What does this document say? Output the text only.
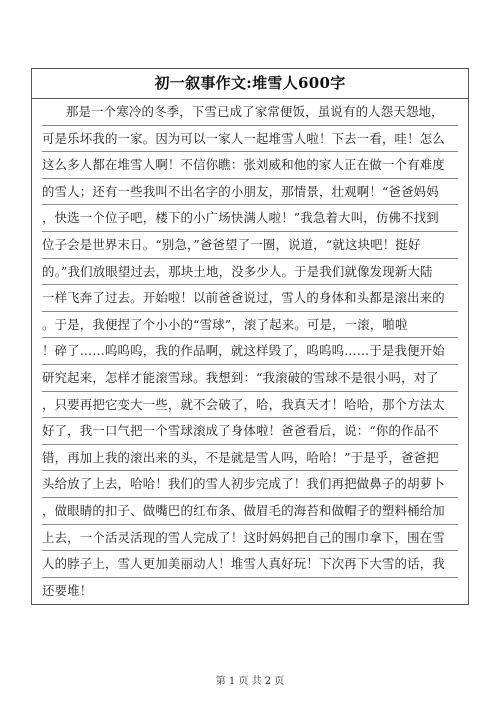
初一叙事作文:堆雪人600字
那是一个寒冷的冬季，下雪已成了家常便饭，虽说有的人怨天怨地，
可是乐坏我的一家。因为可以一家人一起堆雪人啦！下去一看，哇！怎么
这么多人都在堆雪人啊！不信你瞧：张刘威和他的家人正在做一个有难度
的雪人；还有一些我叫不出名字的小朋友，那情景，壮观啊！“爸爸妈妈
，快选一个位子吧，楼下的小广场快满人啦！”我急着大叫，仿佛不找到
位子会是世界末日。“别急，”爸爸望了一圈，说道，“就这块吧！挺好
的。”我们放眼望过去，那块土地，没多少人。于是我们就像发现新大陆
一样飞奔了过去。开始啦！以前爸爸说过，雪人的身体和头都是滚出来的
。于是，我便捏了个小小的“雪球”，滚了起来。可是，一滚，啪啦
！碎了……呜呜呜，我的作品啊，就这样毁了，呜呜呜……于是我便开始
研究起来，怎样才能滚雪球。我想到：“我滚破的雪球不是很小吗，对了
，只要再把它变大一些，就不会破了，哈，我真天才！哈哈，那个方法太
好了，我一口气把一个雪球滚成了身体啦！爸爸看后，说：“你的作品不
错，再加上我的滚出来的头，不是就是雪人吗，哈哈！”于是乎，爸爸把
头给放了上去，哈哈！我们的雪人初步完成了！我们再把做鼻子的胡萝卜
，做眼睛的扣子、做嘴巴的红布条、做眉毛的海苔和做帽子的塑料桶给加
上去，一个活灵活现的雪人完成了！这时妈妈把自己的围巾拿下，围在雪
人的脖子上，雪人更加美丽动人！堆雪人真好玩！下次再下大雪的话，我
还要堆！
第 1 页 共 2 页
